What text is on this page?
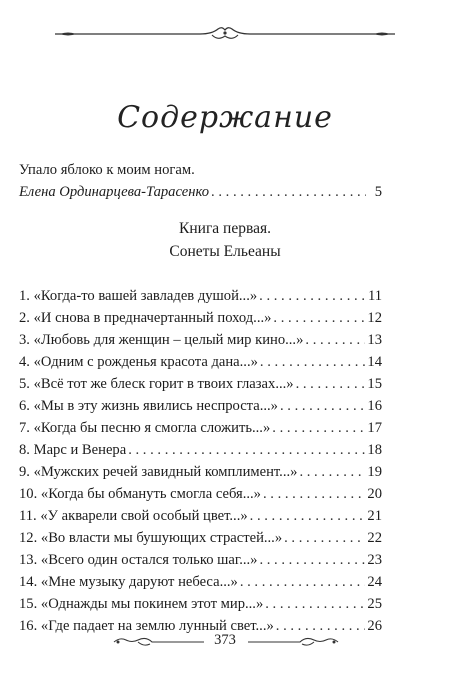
Содержание
Упало яблоко к моим ногам.
Елена Ординарцева-Тарасенко . . .	5
Книга первая.
Сонеты Ельеаны
1. «Когда-то вашей завладев душой...» . . .	11
2. «И снова в предначертанный поход...» . . .	12
3. «Любовь для женщин – целый мир кино...» . . .	13
4. «Одним с рожденья красота дана...» . . .	14
5. «Всё тот же блеск горит в твоих глазах...» . . .	15
6. «Мы в эту жизнь явились неспроста...» . . .	16
7. «Когда бы песню я смогла сложить...» . . .	17
8. Марс и Венера . . .	18
9. «Мужских речей завидный комплимент...» . . .	19
10. «Когда бы обмануть смогла себя...» . . .	20
11. «У акварели свой особый цвет...» . . .	21
12. «Во власти мы бушующих страстей...» . . .	22
13. «Всего один остался только шаг...» . . .	23
14. «Мне музыку даруют небеса...» . . .	24
15. «Однажды мы покинем этот мир...» . . .	25
16. «Где падает на землю лунный свет...» . . .	26
373
